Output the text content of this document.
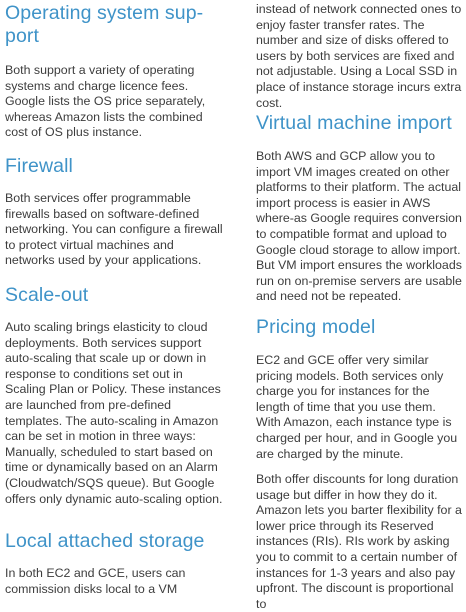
Operating system sup-
port

Both support a variety of operating systems and charge licence fees. Google lists the OS price separately, whereas Amazon lists the combined cost of OS plus instance.

Firewall

Both services offer programmable firewalls based on software-defined networking. You can configure a firewall to protect virtual machines and networks used by your applications.

Scale-out

Auto scaling brings elasticity to cloud deployments. Both services support auto-scaling that scale up or down in response to conditions set out in Scaling Plan or Policy. These instances are launched from pre-defined templates. The auto-scaling in Amazon can be set in motion in three ways: Manually, scheduled to start based on time or dynamically based on an Alarm (Cloudwatch/SQS queue). But Google offers only dynamic auto-scaling option.

Local attached storage

In both EC2 and GCE, users can commission disks local to a VM

instead of network connected ones to enjoy faster transfer rates. The number and size of disks offered to users by both services are fixed and not adjustable. Using a Local SSD in place of instance storage incurs extra cost.

Virtual machine import

Both AWS and GCP allow you to import VM images created on other platforms to their platform. The actual import process is easier in AWS where-as Google requires conversion to compatible format and upload to Google cloud storage to allow import. But VM import ensures the workloads run on on-premise servers are usable and need not be repeated.

Pricing model

EC2 and GCE offer very similar pricing models. Both services only charge you for instances for the length of time that you use them. With Amazon, each instance type is charged per hour, and in Google you are charged by the minute.

Both offer discounts for long duration usage but differ in how they do it. Amazon lets you barter flexibility for a lower price through its Reserved instances (RIs). RIs work by asking you to commit to a certain number of instances for 1-3 years and also pay upfront. The discount is proportional to
